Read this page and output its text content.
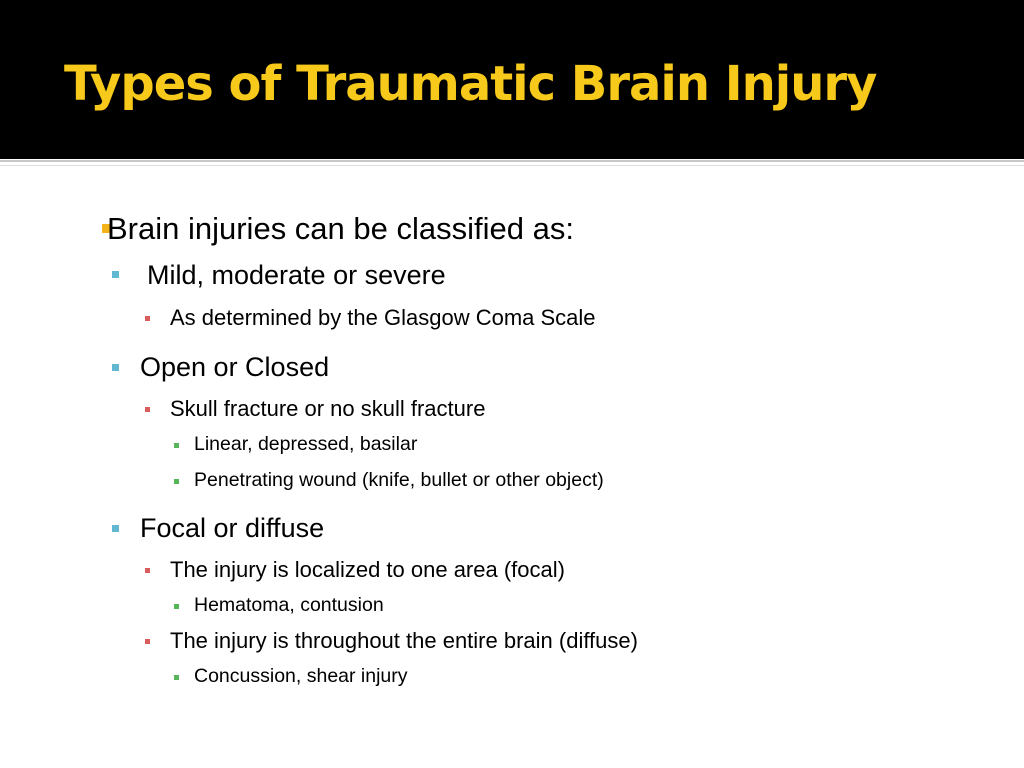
Types of Traumatic Brain Injury
Brain injuries can be classified as:
Mild, moderate or severe
As determined by the Glasgow Coma Scale
Open or Closed
Skull fracture or no skull fracture
Linear, depressed, basilar
Penetrating wound (knife, bullet or other object)
Focal or diffuse
The injury is localized to one area (focal)
Hematoma, contusion
The injury is throughout the entire brain (diffuse)
Concussion, shear injury
